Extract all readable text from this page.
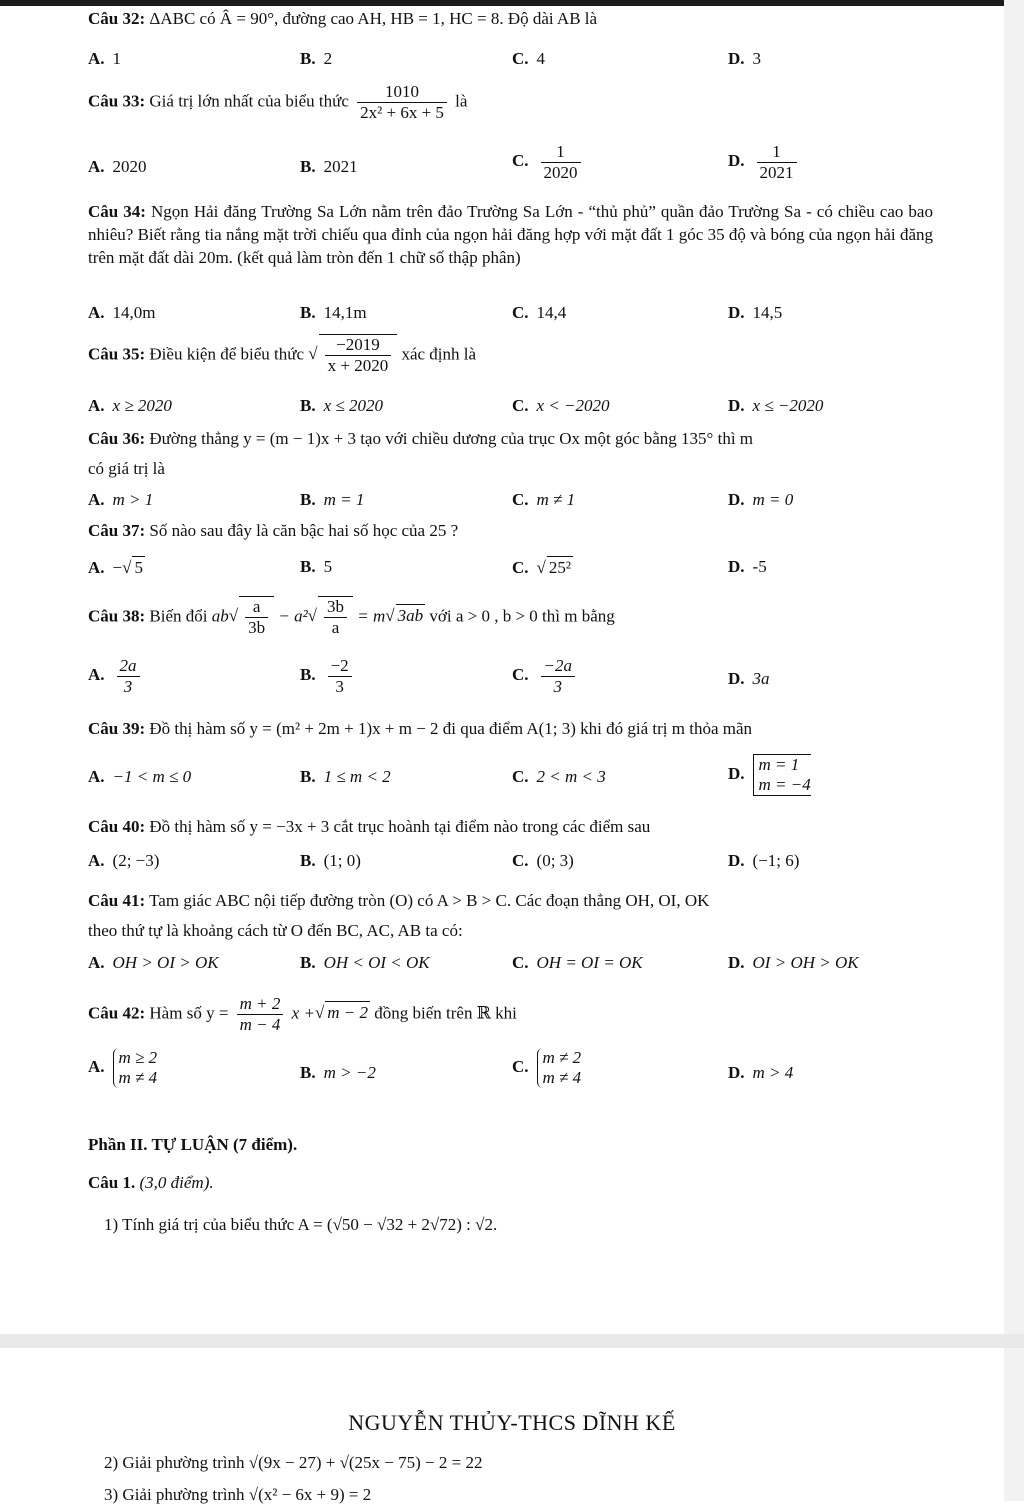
Câu 32: ΔABC có Â = 90°, đường cao AH, HB = 1, HC = 8. Độ dài AB là
A. 1	B. 2	C. 4	D. 3
Câu 33: Giá trị lớn nhất của biểu thức $\frac{1010}{\text{2x² + 6x + 5}}$ là
A. 2020	B. 2021	C. $\frac{1}{2020}$	D. $\frac{1}{2021}$
Câu 34: Ngọn Hải đăng Trường Sa Lớn nằm trên đảo Trường Sa Lớn - “thủ phủ” quần đảo Trường Sa - có chiều cao bao nhiêu? Biết rằng tia nắng mặt trời chiếu qua đỉnh của ngọn hải đăng hợp với mặt đất 1 góc 35 độ và bóng của ngọn hải đăng trên mặt đất dài 20m. (kết quả làm tròn đến 1 chữ số thập phân)
A. 14,0m	B. 14,1m	C. 14,4	D. 14,5
Câu 35: Điều kiện để biểu thức √ $\frac{-2019}{x + 2020}$ xác định là
A. x ≥ 2020	B. x ≤ 2020	C. x < −2020	D. x ≤ −2020
Câu 36: Đường thẳng y = (m − 1)x + 3 tạo với chiều dương của trục Ox một góc bằng 135° thì m
có giá trị là
A. m > 1	B. m = 1	C. m ≠ 1	D. m = 0
Câu 37: Số nào sau đây là căn bậc hai số học của 25 ?
A. −√ 5	B. 5	C.√ 25²	D. -5
Câu 38: Biến đổi $ab√ \frac{a}{3b} - a^2√ \frac{3b}{a} = m√$ 3ab với a > 0 , b > 0 thì m bằng
A. $\frac{2a}{3}$	B. $\frac{-2}{3}$	C. $\frac{-2a}{3}$	D. 3a
Câu 39: Đồ thị hàm số y = (m² + 2m + 1)x + m − 2 đi qua điểm A(1; 3) khi đó giá trị m thỏa mãn
A. −1 < m ≤ 0	B. 1 ≤ m < 2	C. 2 < m < 3	D. m = 1
m = −4
Câu 40: Đồ thị hàm số y = −3x + 3 cắt trục hoành tại điểm nào trong các điểm sau
A. (2; −3)	B. (1; 0)	C. (0; 3)	D. (−1; 6)
Câu 41: Tam giác ABC nội tiếp đường tròn (O) có A > B > C. Các đoạn thẳng OH, OI, OK
theo thứ tự là khoảng cách từ O đến BC, AC, AB ta có:
A. OH > OI > OK	B. OH < OI < OK	C. OH = OI = OK	D. OI > OH > OK
Câu 42: Hàm số $y = \frac{m + 2}{m - 4}$ x +√ m − 2 đồng biến trên ℝ khi
A. m ≥ 2
m ≠ 4	B. m > −2	C. m ≠ 2
m ≠ 4	D. m > 4
Phần II. TỰ LUẬN (7 điểm).
Câu 1. (3,0 điểm).
1) Tính giá trị của biểu thức A = (√50 − √32 + 2√72) : √2.
NGUYỄN THỦY-THCS DĨNH KẾ
2) Giải phường trình √(9x − 27) + √(25x − 75) − 2 = 22
3) Giải phường trình √(x² − 6x + 9) = 2
